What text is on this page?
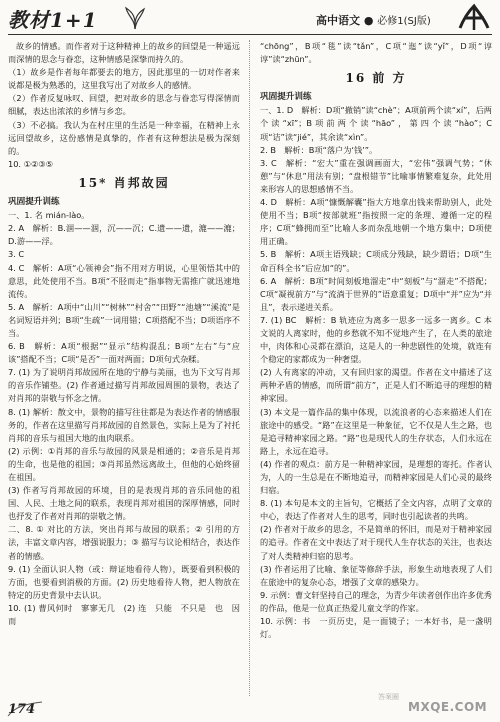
教材1+1	高中语文 ● 必修1(SJ版)

故乡的情感。而作者对于这种精神上的故乡的回望是一种遥远而深情的思念与眷恋，这种情感是深挚而持久的。

（1）故乡是作者每年都要去的地方，因此那里的一切对作者来说都是极为熟悉的，这里我写出了对故乡人的感情。

（2）作者反复咏叹、回望，把对故乡的思念与眷恋写得深情而细腻，表达出浓浓的乡情与乡恋。

（3）不必搞。我认为在村庄里的生活是一种幸福，在精神上永远回望故乡，这份感情是真挚的，作者有这种想法是极为深刻的。

10. ①②③⑤

15* 肖邦故园

巩固提升训练

一、1. 名 mián-lào。

2. A　解析：B.涸——涸，沉——沉；C.遗——遗，漉——漉；D.游——浮。

3. C

4. C　解析：A项“心领神会”指不用对方明说，心里领悟其中的意思，此处使用不当。B项“不胫而走”指事物无需推广就迅速地流传。

5. A　解析：A项中“山川”“树林”“村舍”“田野”“池塘”“溪流”是名词短语并列；B项“生疏”一词用错；C项搭配不当；D项语序不当。

6. B　解析：A项“根据”“显示”结构混乱；B项“左右”与“应该”搭配不当；C项“是否”一面对两面；D项句式杂糅。

7. (1) 为了说明肖邦故园所在地的宁静与美丽，也为下文写肖邦的音乐作铺垫。(2) 作者通过描写肖邦故园周围的景物，表达了对肖邦的崇敬与怀念之情。

8. (1) 解析：散文中，景物的描写往往都是为表达作者的情感服务的，作者在这里描写肖邦故园的自然景色，实际上是为了衬托肖邦的音乐与祖国大地的血肉联系。

(2) 示例：①肖邦的音乐与故园的风景是相通的；②音乐是肖邦的生命，也是他的祖国；③肖邦虽然远离故土，但他的心始终留在祖国。

(3) 作者写肖邦故园的环境，目的是表现肖邦的音乐同他的祖国、人民、土地之间的联系，表现肖邦对祖国的深厚情感，同时也抒发了作者对肖邦的崇敬之情。

二、8. ① 对比的方法，突出肖邦与故园的联系；② 引用的方法，丰富文章内容，增强说服力；③ 描写与议论相结合，表达作者的情感。

9. (1) 全面认识人物（或：辩证地看待人物），既要看到积极的方面，也要看到消极的方面。(2) 历史地看待人物，把人物放在特定的历史背景中去认识。

10. (1) 曹风何时　寥寥无几　(2) 连　只能　不只是　也　因而

“chōng”，B项“毯”读“tǎn”，C项“迤”读“yǐ”，D项“谆谆”读“zhūn”。

16 前 方

巩固提升训练

一、1. D　解析：D项“撤销”读“chè”；A项前两个读“xí”，后两个读“xī”；B项前两个读“hāo”，第四个读“hào”；C项“诘”读“jié”，其余读“xìn”。

2. B　解析：B项“落户为‘钱’”。

3. C　解析：“宏大”重在强调画面大，“宏伟”强调气势；“休憩”与“休息”用法有别；“盘根错节”比喻事情繁难复杂，此处用来形容人的思想感情不当。

4. D　解析：A项“慷慨解囊”指大方地拿出钱来帮助别人，此处使用不当；B项“按部就班”指按照一定的条理、遵循一定的程序；C项“蜂拥而至”比喻人多而杂乱地朝一个地方集中；D项使用正确。

5. B　解析：A项主语残缺；C项成分残缺，缺少谓语；D项“生命百科全书”后应加“的”。

6. A　解析：B项“时间刻板地溜走”中“刻板”与“溜走”不搭配；C项“凝视前方”与“流淌于世界的”语意重复；D项中“并”应为“并且”，表示递进关系。

7. (1) BC　解析：B 轨迹应为离多一思多一远多一离乡。C 本文说的人离家时，他的乡愁就不知不觉地产生了，在人类的旅途中，肉体和心灵都在漂泊，这是人的一种悲剧性的处境，就连有个稳定的家都成为一种奢望。

(2) 人有离家的冲动，又有回归家的渴望。作者在文中描述了这两种矛盾的情感，而所谓“前方”，正是人们不断追寻的理想的精神家园。

(3) 本文是一篇作品的集中体现，以流浪者的心态来描述人们在旅途中的感受。“路”在这里是一种象征，它不仅是人生之路，也是追寻精神家园之路。“路”也是现代人的生存状态，人们永远在路上，永远在追寻。

(4) 作者的观点：前方是一种精神家园，是理想的寄托。作者认为，人的一生总是在不断地追寻，而精神家园是人们心灵的最终归宿。

8. (1) 本句是本文的主旨句，它概括了全文内容，点明了文章的中心，表达了作者对人生的思考，同时也引起读者的共鸣。

(2) 作者对于故乡的思念，不是简单的怀旧，而是对于精神家园的追寻。作者在文中表达了对于现代人生存状态的关注，也表达了对人类精神归宿的思考。

(3) 作者运用了比喻、象征等修辞手法，形象生动地表现了人们在旅途中的复杂心态，增强了文章的感染力。

9. 示例：曹文轩坚持自己的理念，为青少年读者创作出许多优秀的作品，他是一位真正热爱儿童文学的作家。

10. 示例：书　一页历史，是一面镜子；一本好书，是一盏明灯。

174
答案圈
MXQE.COM
